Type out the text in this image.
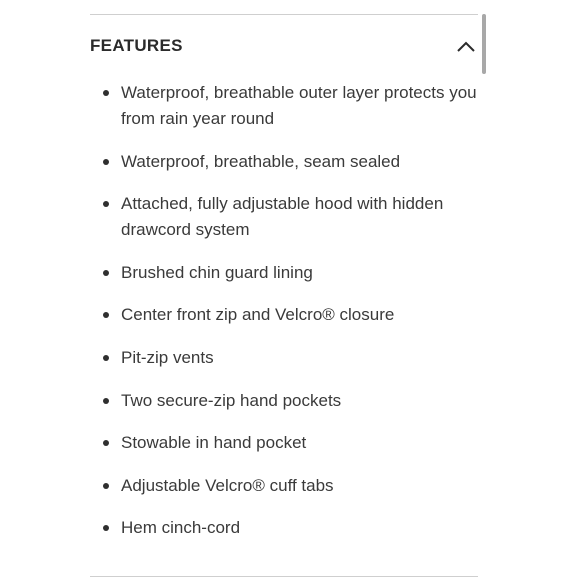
FEATURES
Waterproof, breathable outer layer protects you from rain year round
Waterproof, breathable, seam sealed
Attached, fully adjustable hood with hidden drawcord system
Brushed chin guard lining
Center front zip and Velcro® closure
Pit-zip vents
Two secure-zip hand pockets
Stowable in hand pocket
Adjustable Velcro® cuff tabs
Hem cinch-cord
